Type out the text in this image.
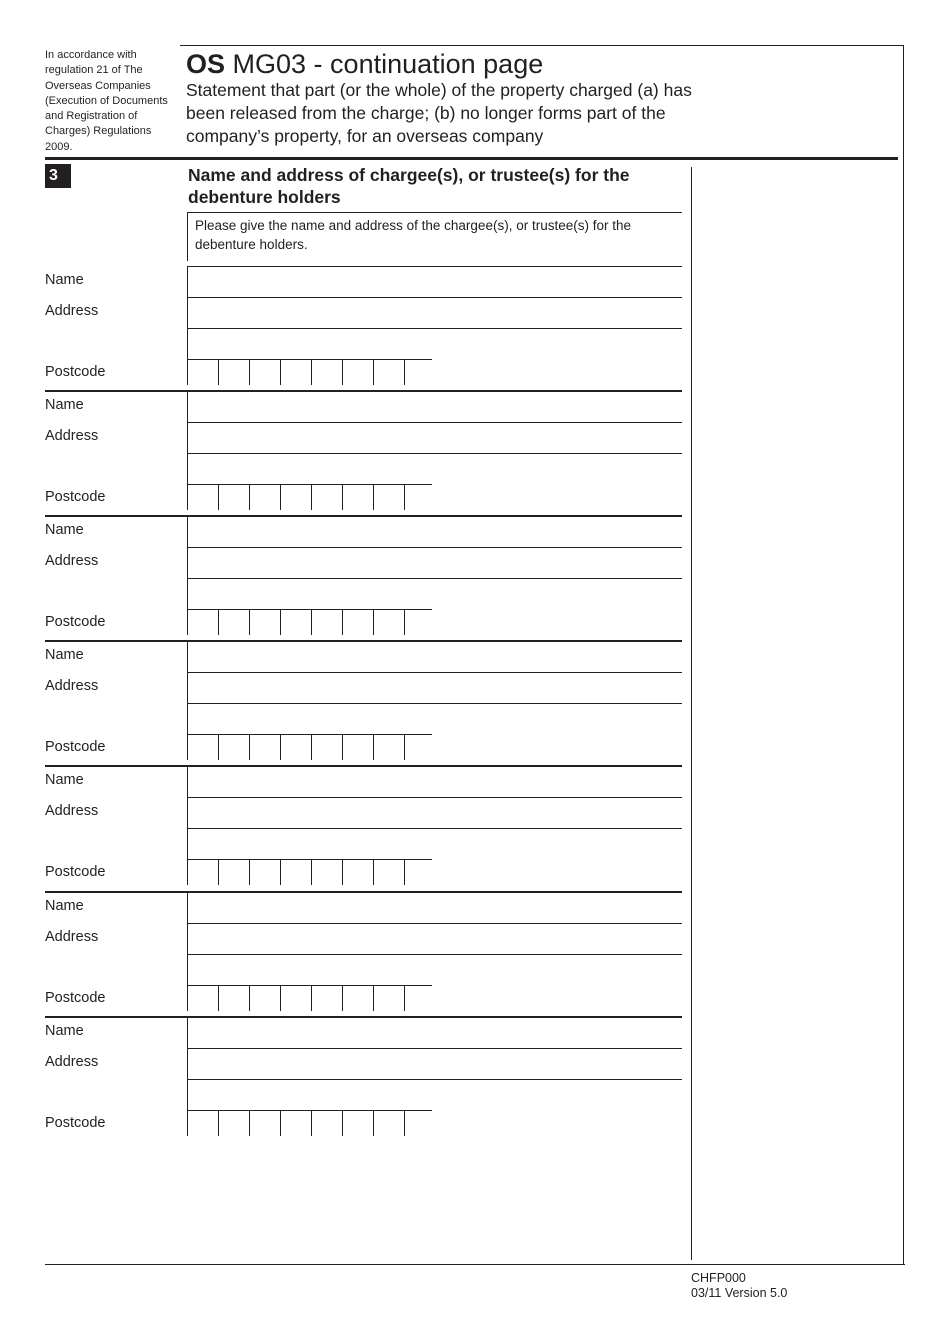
In accordance with regulation 21 of The Overseas Companies (Execution of Documents and Registration of Charges) Regulations 2009.
OS MG03 - continuation page
Statement that part (or the whole) of the property charged (a) has been released from the charge; (b) no longer forms part of the company’s property, for an overseas company
3	Name and address of chargee(s), or trustee(s) for the debenture holders
Please give the name and address of the chargee(s), or trustee(s) for the debenture holders.
Name
Address
Postcode
Name
Address
Postcode
Name
Address
Postcode
Name
Address
Postcode
Name
Address
Postcode
Name
Address
Postcode
Name
Address
Postcode
CHFP000
03/11 Version 5.0
